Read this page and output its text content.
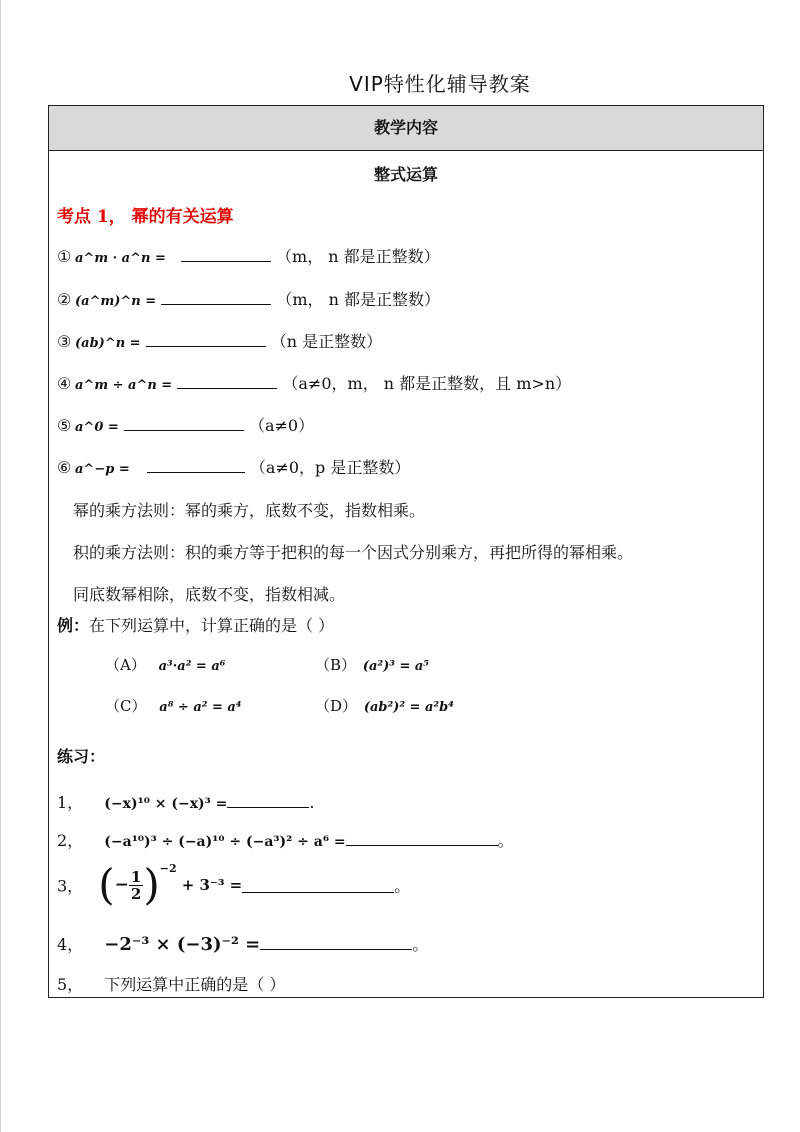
VIP特性化辅导教案
教学内容
整式运算
考点 1， 幂的有关运算
① a^m · a^n =	（m， n 都是正整数）
② (a^m)^n =	（m， n 都是正整数）
③ (ab)^n =	（n 是正整数）
④ a^m ÷ a^n =	（a≠0，m， n 都是正整数，且 m>n）
⑤ a^0 =	（a≠0）
⑥ a^−p =	（a≠0，p 是正整数）
幂的乘方法则：幂的乘方，底数不变，指数相乘。
积的乘方法则：积的乘方等于把积的每一个因式分别乘方，再把所得的幂相乘。
同底数幂相除，底数不变，指数相减。
例：在下列运算中，计算正确的是（ ）
（A） a³·a² = a⁶	（B） (a²)³ = a⁵
（C） a⁸ ÷ a² = a⁴	（D） (ab²)² = a²b⁴
练习：
1， (−x)¹⁰ × (−x)³ =	.
2， (−a¹⁰)³ ÷ (−a)¹⁰ ÷ (−a³)² ÷ a⁶ =	。
3， (− $\frac{1}{2} )^{-2} + 3^{-3}$ =	。
4， −2⁻³ × (−3)⁻² =	。
5， 下列运算中正确的是（ ）
